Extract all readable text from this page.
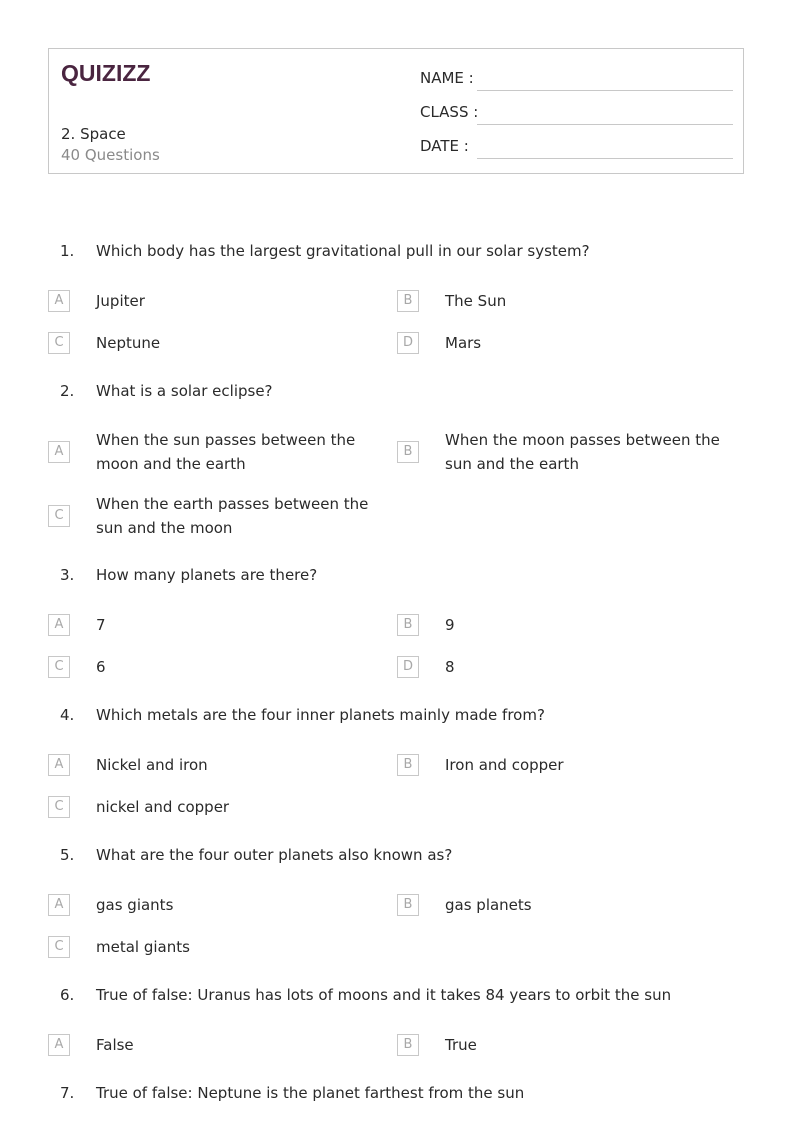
QUIZIZZ
2. Space
40 Questions
NAME :
CLASS :
DATE :
1. Which body has the largest gravitational pull in our solar system?
A	Jupiter	B	The Sun
C	Neptune	D	Mars
2. What is a solar eclipse?
A
When the sun passes between the moon and the earth
B
When the moon passes between the sun and the earth
C
When the earth passes between the sun and the moon
3. How many planets are there?
A	7	B	9
C	6	D	8
4. Which metals are the four inner planets mainly made from?
A	Nickel and iron	B	Iron and copper
C	nickel and copper
5. What are the four outer planets also known as?
A	gas giants	B	gas planets
C	metal giants
6. True of false: Uranus has lots of moons and it takes 84 years to orbit the sun
A	False	B	True
7. True of false: Neptune is the planet farthest from the sun
